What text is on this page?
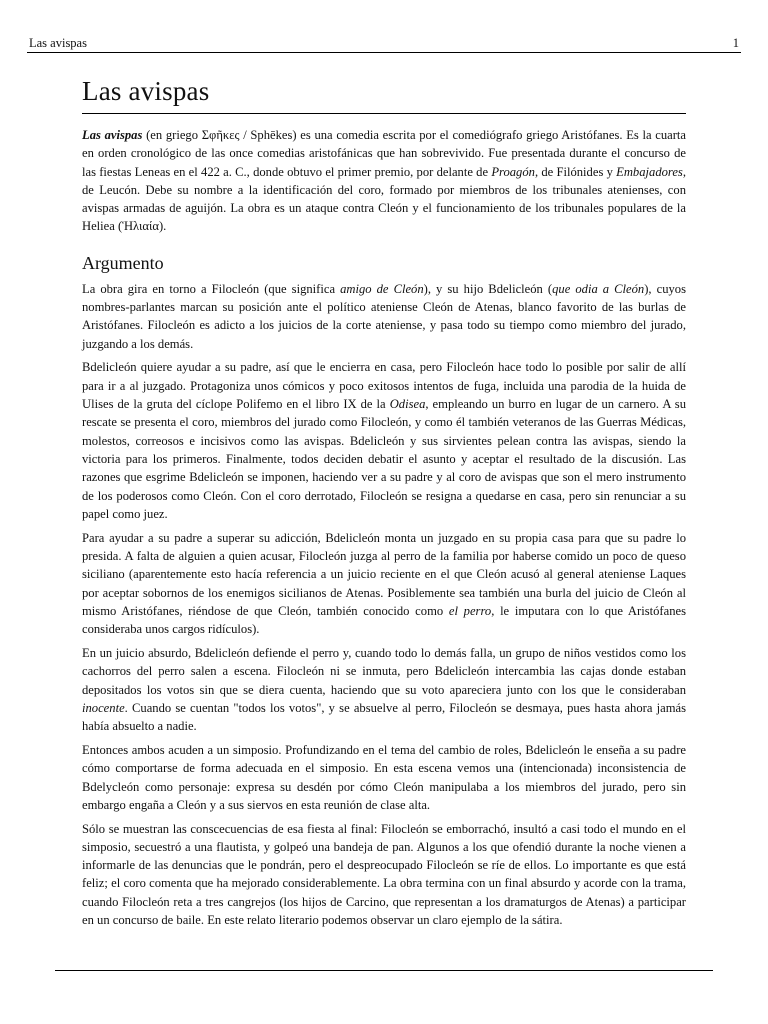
Las avispas	1
Las avispas

Las avispas (en griego Σφῆκες / Sphēkes) es una comedia escrita por el comediógrafo griego Aristófanes. Es la cuarta en orden cronológico de las once comedias aristofánicas que han sobrevivido. Fue presentada durante el concurso de las fiestas Leneas en el 422 a. C., donde obtuvo el primer premio, por delante de Proagón, de Filónides y Embajadores, de Leucón. Debe su nombre a la identificación del coro, formado por miembros de los tribunales atenienses, con avispas armadas de aguijón. La obra es un ataque contra Cleón y el funcionamiento de los tribunales populares de la Heliea (Ἡλιαία).

Argumento

La obra gira en torno a Filocleón (que significa amigo de Cleón), y su hijo Bdelicleón (que odia a Cleón), cuyos nombres-parlantes marcan su posición ante el político ateniense Cleón de Atenas, blanco favorito de las burlas de Aristófanes. Filocleón es adicto a los juicios de la corte ateniense, y pasa todo su tiempo como miembro del jurado, juzgando a los demás.

Bdelicleón quiere ayudar a su padre, así que le encierra en casa, pero Filocleón hace todo lo posible por salir de allí para ir a al juzgado. Protagoniza unos cómicos y poco exitosos intentos de fuga, incluida una parodia de la huida de Ulises de la gruta del cíclope Polifemo en el libro IX de la Odisea, empleando un burro en lugar de un carnero. A su rescate se presenta el coro, miembros del jurado como Filocleón, y como él también veteranos de las Guerras Médicas, molestos, correosos e incisivos como las avispas. Bdelicleón y sus sirvientes pelean contra las avispas, siendo la victoria para los primeros. Finalmente, todos deciden debatir el asunto y aceptar el resultado de la discusión. Las razones que esgrime Bdelicleón se imponen, haciendo ver a su padre y al coro de avispas que son el mero instrumento de los poderosos como Cleón. Con el coro derrotado, Filocleón se resigna a quedarse en casa, pero sin renunciar a su papel como juez.

Para ayudar a su padre a superar su adicción, Bdelicleón monta un juzgado en su propia casa para que su padre lo presida. A falta de alguien a quien acusar, Filocleón juzga al perro de la familia por haberse comido un poco de queso siciliano (aparentemente esto hacía referencia a un juicio reciente en el que Cleón acusó al general ateniense Laques por aceptar sobornos de los enemigos sicilianos de Atenas. Posiblemente sea también una burla del juicio de Cleón al mismo Aristófanes, riéndose de que Cleón, también conocido como el perro, le imputara con lo que Aristófanes consideraba unos cargos ridículos).

En un juicio absurdo, Bdelicleón defiende el perro y, cuando todo lo demás falla, un grupo de niños vestidos como los cachorros del perro salen a escena. Filocleón ni se inmuta, pero Bdelicleón intercambia las cajas donde estaban depositados los votos sin que se diera cuenta, haciendo que su voto apareciera junto con los que le consideraban inocente. Cuando se cuentan "todos los votos", y se absuelve al perro, Filocleón se desmaya, pues hasta ahora jamás había absuelto a nadie.

Entonces ambos acuden a un simposio. Profundizando en el tema del cambio de roles, Bdelicleón le enseña a su padre cómo comportarse de forma adecuada en el simposio. En esta escena vemos una (intencionada) inconsistencia de Bdelycleón como personaje: expresa su desdén por cómo Cleón manipulaba a los miembros del jurado, pero sin embargo engaña a Cleón y a sus siervos en esta reunión de clase alta.

Sólo se muestran las conscecuencias de esa fiesta al final: Filocleón se emborrachó, insultó a casi todo el mundo en el simposio, secuestró a una flautista, y golpeó una bandeja de pan. Algunos a los que ofendió durante la noche vienen a informarle de las denuncias que le pondrán, pero el despreocupado Filocleón se ríe de ellos. Lo importante es que está feliz; el coro comenta que ha mejorado considerablemente. La obra termina con un final absurdo y acorde con la trama, cuando Filocleón reta a tres cangrejos (los hijos de Carcino, que representan a los dramaturgos de Atenas) a participar en un concurso de baile. En este relato literario podemos observar un claro ejemplo de la sátira.
